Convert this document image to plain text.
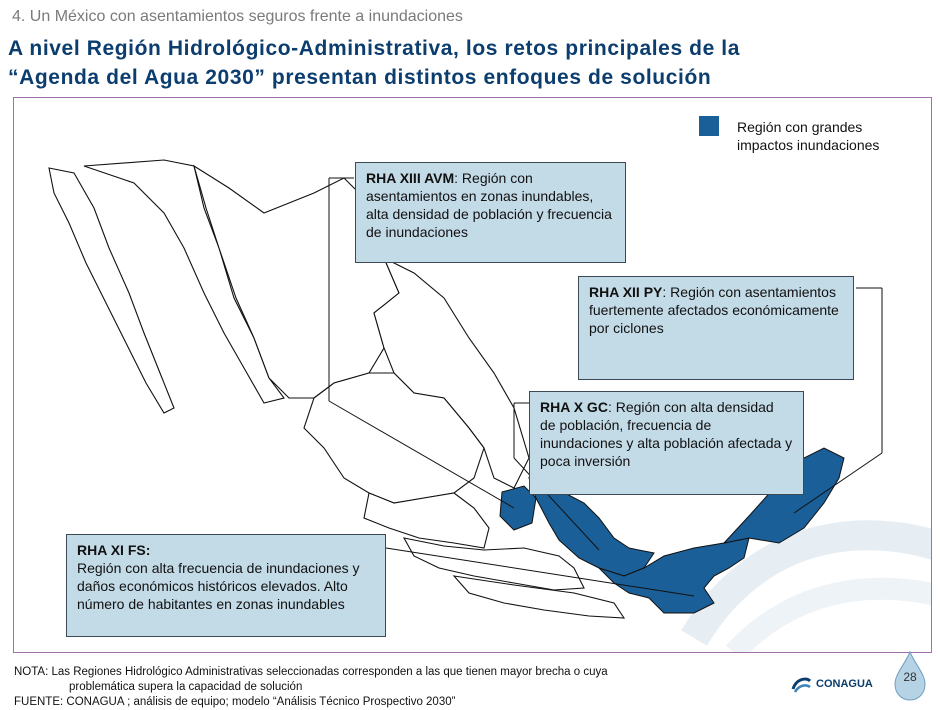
4. Un México con asentamientos seguros frente a inundaciones
A nivel Región Hidrológico-Administrativa, los retos principales de la
“Agenda del Agua 2030” presentan distintos enfoques de solución
Región con grandes impactos inundaciones
RHA XIII AVM: Región con asentamientos en zonas inundables, alta densidad de población y frecuencia de inundaciones
RHA XII PY: Región con asentamientos fuertemente afectados económicamente por ciclones
RHA X GC: Región con alta densidad de población, frecuencia de inundaciones y alta población afectada y poca inversión
RHA XI FS:
Región con alta frecuencia de inundaciones y daños económicos históricos elevados. Alto número de habitantes en zonas inundables
NOTA: Las Regiones Hidrológico Administrativas seleccionadas corresponden a las que tienen mayor brecha o cuya
problemática supera la capacidad de solución
FUENTE: CONAGUA ; análisis de equipo; modelo “Análisis Técnico Prospectivo 2030”
CONAGUA	28
